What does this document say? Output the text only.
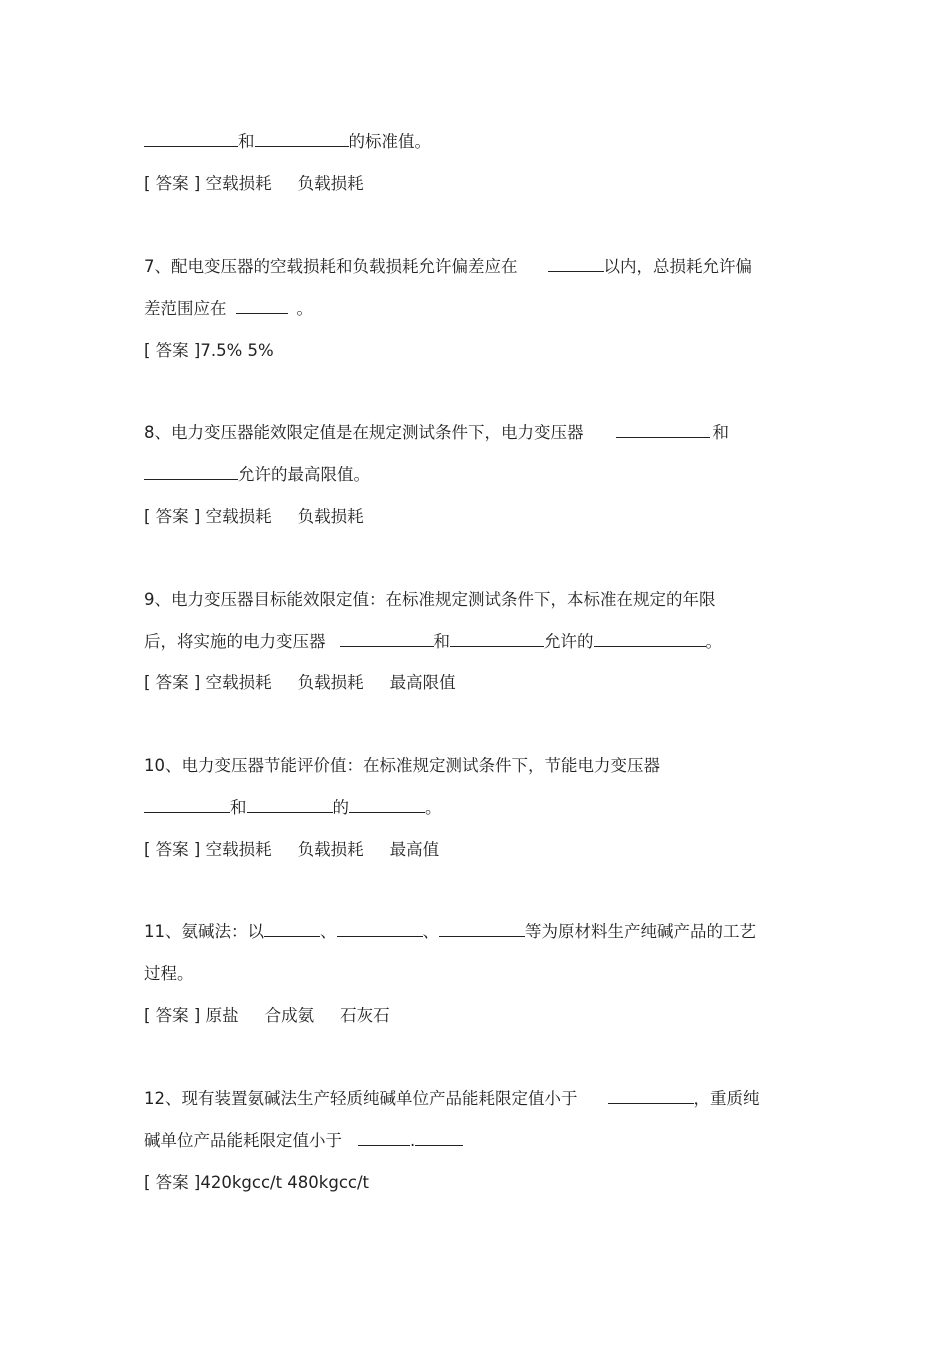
和	的标准值。
[ 答案 ] 空载损耗 负载损耗
7、配电变压器的空载损耗和负载损耗允许偏差应在	以内，总损耗允许偏
差范围应在	。
[ 答案 ]7.5% 5%
8、电力变压器能效限定值是在规定测试条件下，电力变压器	和
允许的最高限值。
[ 答案 ] 空载损耗 负载损耗
9、电力变压器目标能效限定值：在标准规定测试条件下，本标准在规定的年限
后，将实施的电力变压器	和	允许的	。
[ 答案 ] 空载损耗 负载损耗 最高限值
10、电力变压器节能评价值：在标准规定测试条件下，节能电力变压器
和	的	。
[ 答案 ] 空载损耗 负载损耗 最高值
11、氨碱法：以	、	、	等为原材料生产纯碱产品的工艺
过程。
[ 答案 ] 原盐 合成氨 石灰石
12、现有装置氨碱法生产轻质纯碱单位产品能耗限定值小于	，重质纯
碱单位产品能耗限定值小于	.
[ 答案 ]420kgcc/t 480kgcc/t
